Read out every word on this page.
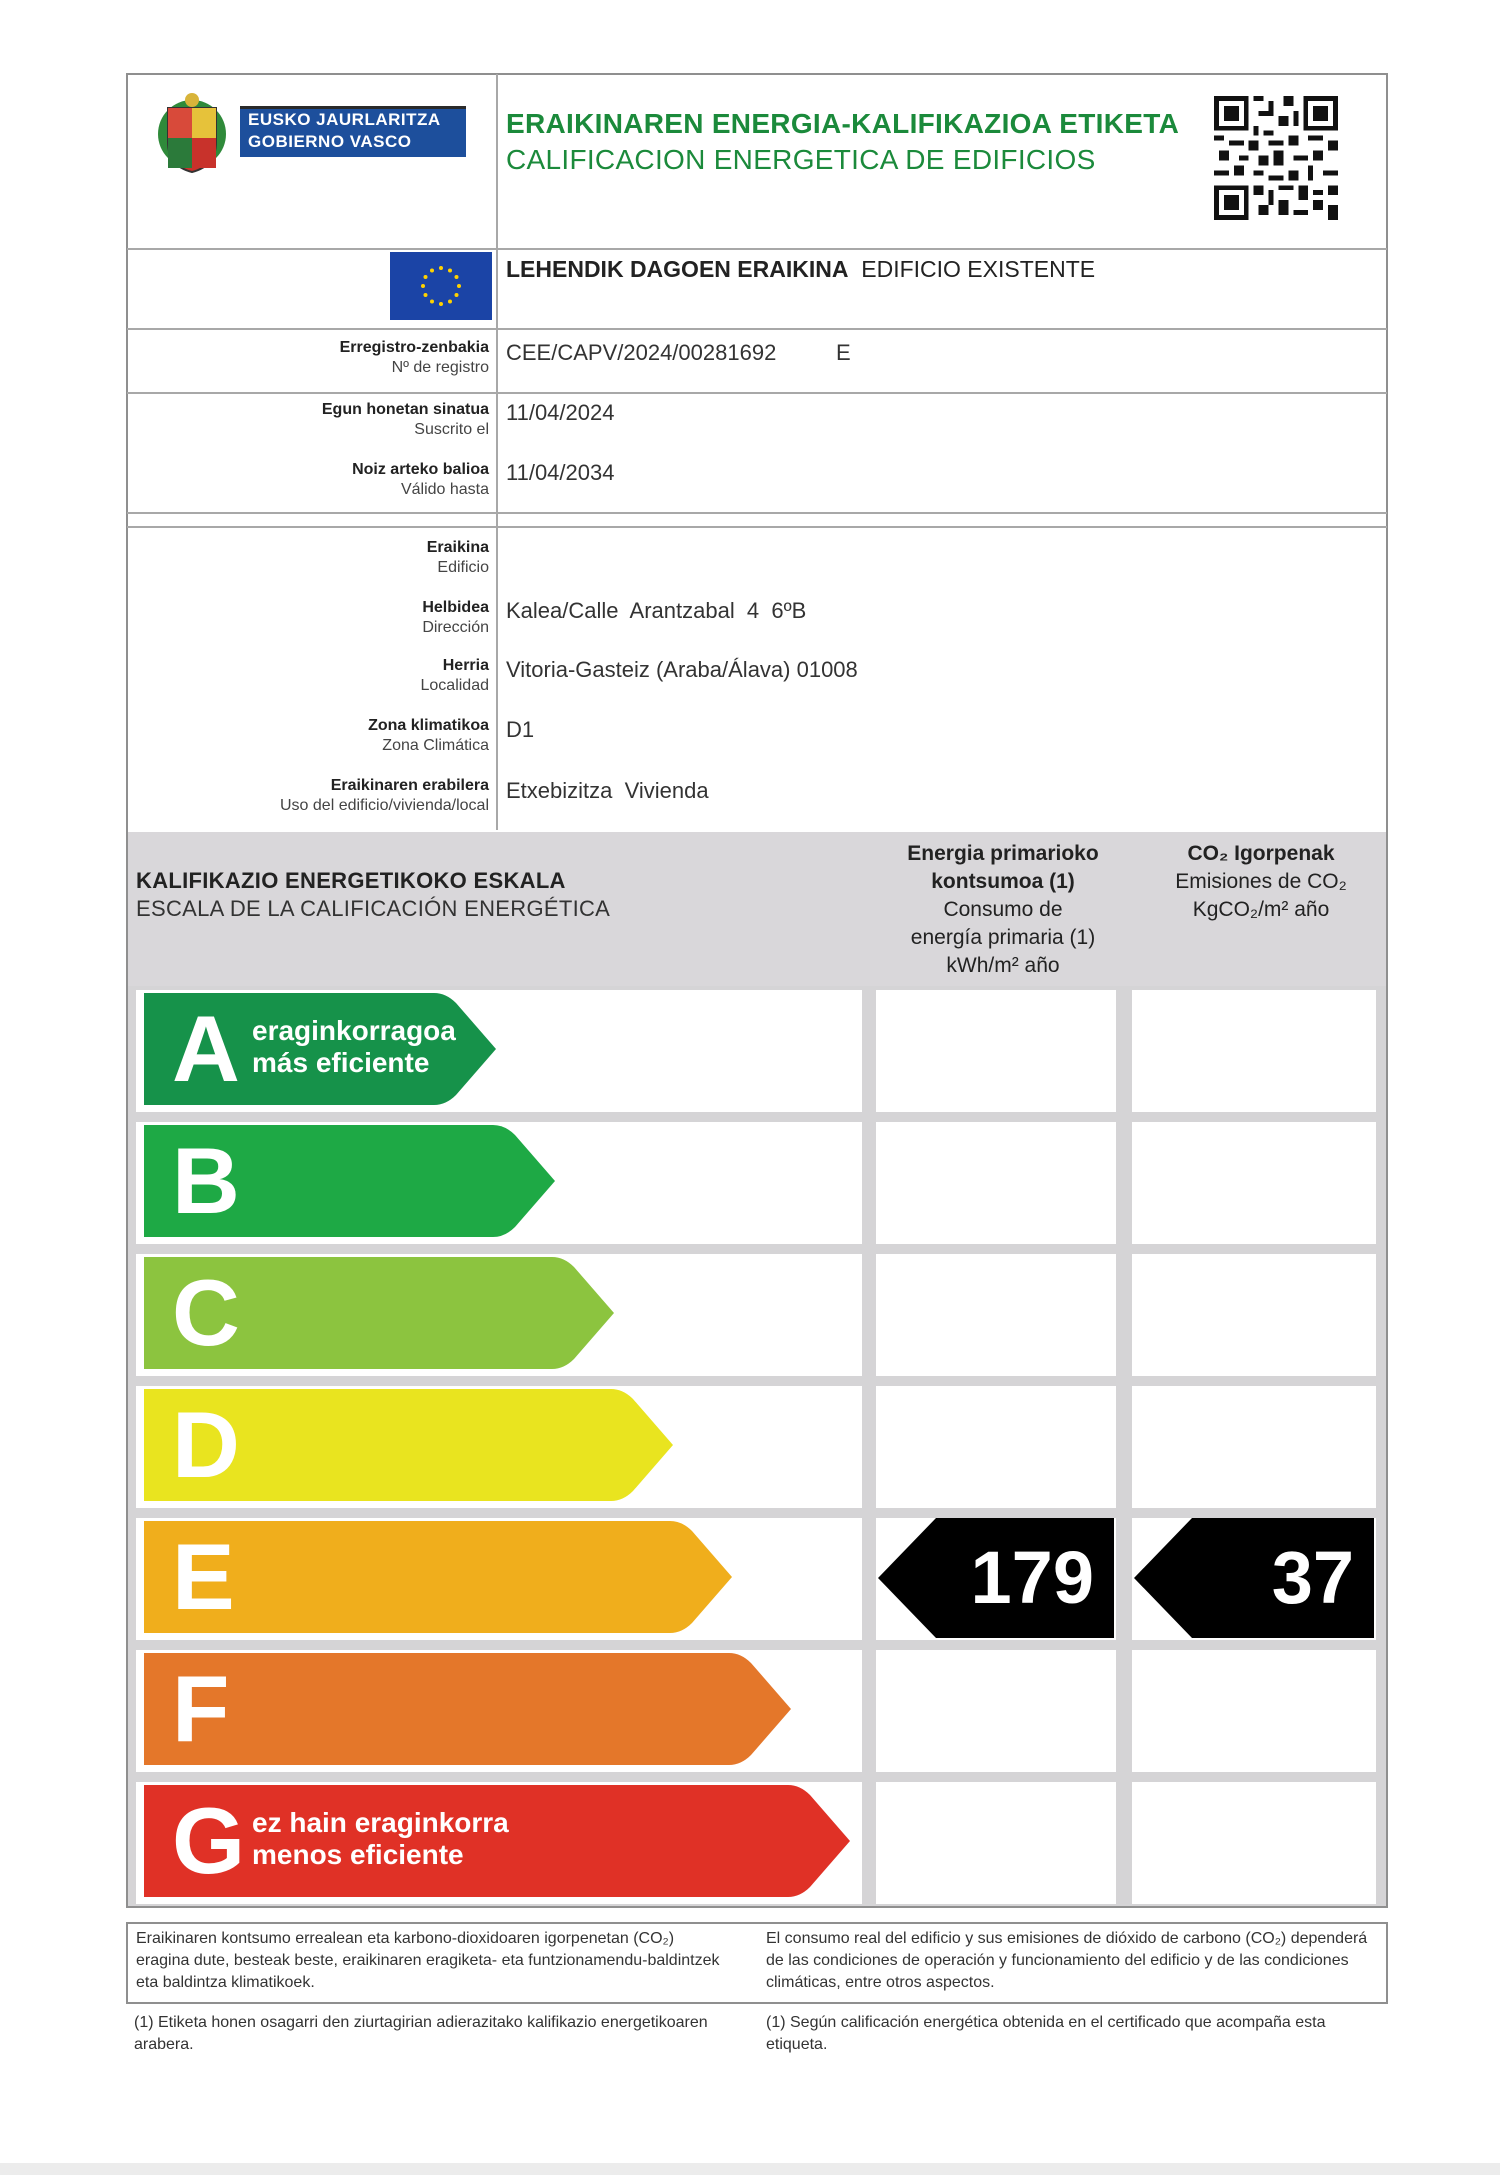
EUSKO JAURLARITZA
GOBIERNO VASCO
ERAIKINAREN ENERGIA-KALIFIKAZIOA ETIKETA
CALIFICACION ENERGETICA DE EDIFICIOS
LEHENDIK DAGOEN ERAIKINA EDIFICIO EXISTENTE
Erregistro-zenbakia
Nº de registro
CEE/CAPV/2024/00281692	E
Egun honetan sinatua
Suscrito el
11/04/2024
Noiz arteko balioa
Válido hasta
11/04/2034
Eraikina
Edificio
Helbidea
Dirección
Kalea/Calle  Arantzabal  4  6ºB
Herria
Localidad
Vitoria-Gasteiz (Araba/Álava) 01008
Zona klimatikoa
Zona Climática
D1
Eraikinaren erabilera
Uso del edificio/vivienda/local
Etxebizitza  Vivienda
KALIFIKAZIO ENERGETIKOKO ESKALA
ESCALA DE LA CALIFICACIÓN ENERGÉTICA
Energia primarioko
kontsumoa (1)
Consumo de
energía primaria (1)
kWh/m² año
CO₂ Igorpenak
Emisiones de CO₂
KgCO₂/m² año
A eraginkorragoa
más eficiente
B
C
D
E	179 37
F
G ez hain eraginkorra
menos eficiente
Eraikinaren kontsumo errealean eta karbono-dioxidoaren igorpenetan (CO₂) eragina dute, besteak beste, eraikinaren eragiketa- eta funtzionamendu-baldintzek eta baldintza klimatikoek.
El consumo real del edificio y sus emisiones de dióxido de carbono (CO₂) dependerá de las condiciones de operación y funcionamiento del edificio y de las condiciones climáticas, entre otros aspectos.
(1) Etiketa honen osagarri den ziurtagirian adierazitako kalifikazio energetikoaren arabera.
(1) Según calificación energética obtenida en el certificado que acompaña esta etiqueta.
